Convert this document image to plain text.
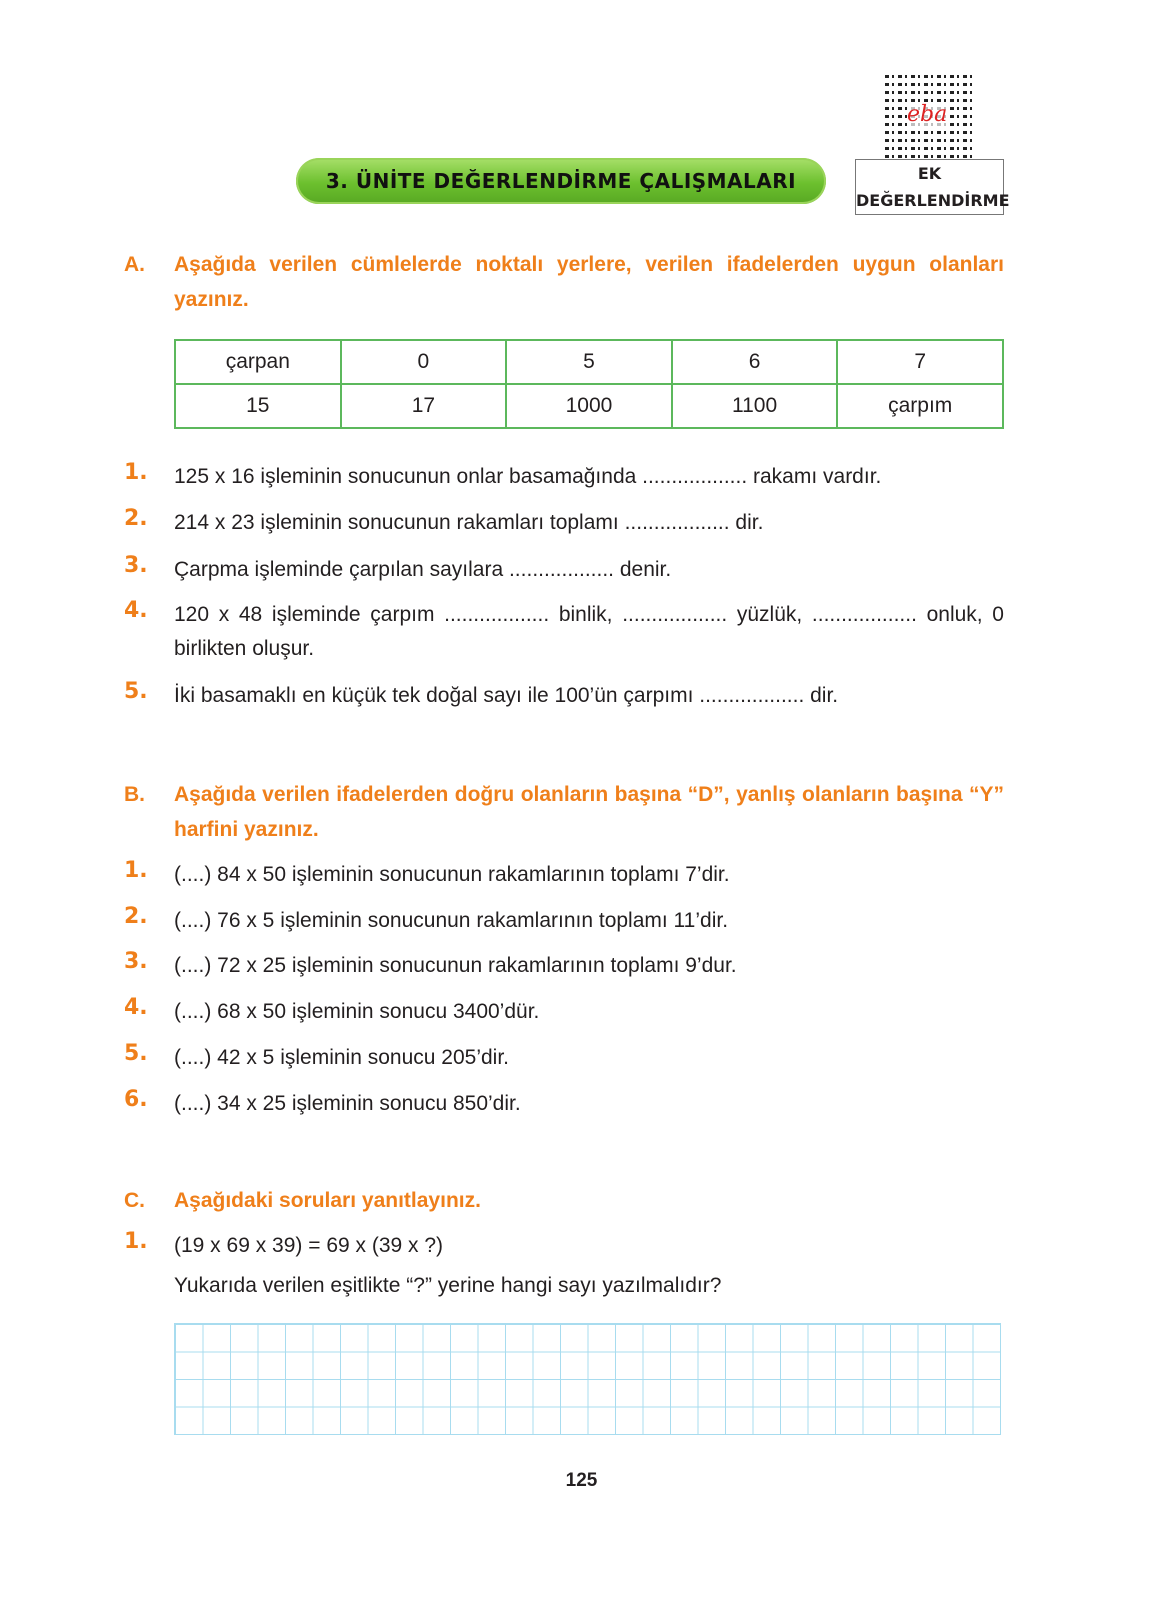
3. ÜNİTE DEĞERLENDİRME ÇALIŞMALARI
eba
EK
DEĞERLENDİRME
A. Aşağıda verilen cümlelerde noktalı yerlere, verilen ifadelerden uygun olanları yazınız.
çarpan	0	5	6	7
15	17	1000	1100	çarpım
1. 125 x 16 işleminin sonucunun onlar basamağında .................. rakamı vardır.
2. 214 x 23 işleminin sonucunun rakamları toplamı .................. dir.
3. Çarpma işleminde çarpılan sayılara .................. denir.
4. 120 x 48 işleminde çarpım .................. binlik, .................. yüzlük, .................. onluk, 0 birlikten oluşur.
5. İki basamaklı en küçük tek doğal sayı ile 100’ün çarpımı .................. dir.
B. Aşağıda verilen ifadelerden doğru olanların başına “D”, yanlış olanların başına “Y” harfini yazınız.
1. (....) 84 x 50 işleminin sonucunun rakamlarının toplamı 7’dir.
2. (....) 76 x 5 işleminin sonucunun rakamlarının toplamı 11’dir.
3. (....) 72 x 25 işleminin sonucunun rakamlarının toplamı 9’dur.
4. (....) 68 x 50 işleminin sonucu 3400’dür.
5. (....) 42 x 5 işleminin sonucu 205’dir.
6. (....) 34 x 25 işleminin sonucu 850’dir.
C. Aşağıdaki soruları yanıtlayınız.
1. (19 x 69 x 39) = 69 x (39 x ?)
Yukarıda verilen eşitlikte “?” yerine hangi sayı yazılmalıdır?
125
